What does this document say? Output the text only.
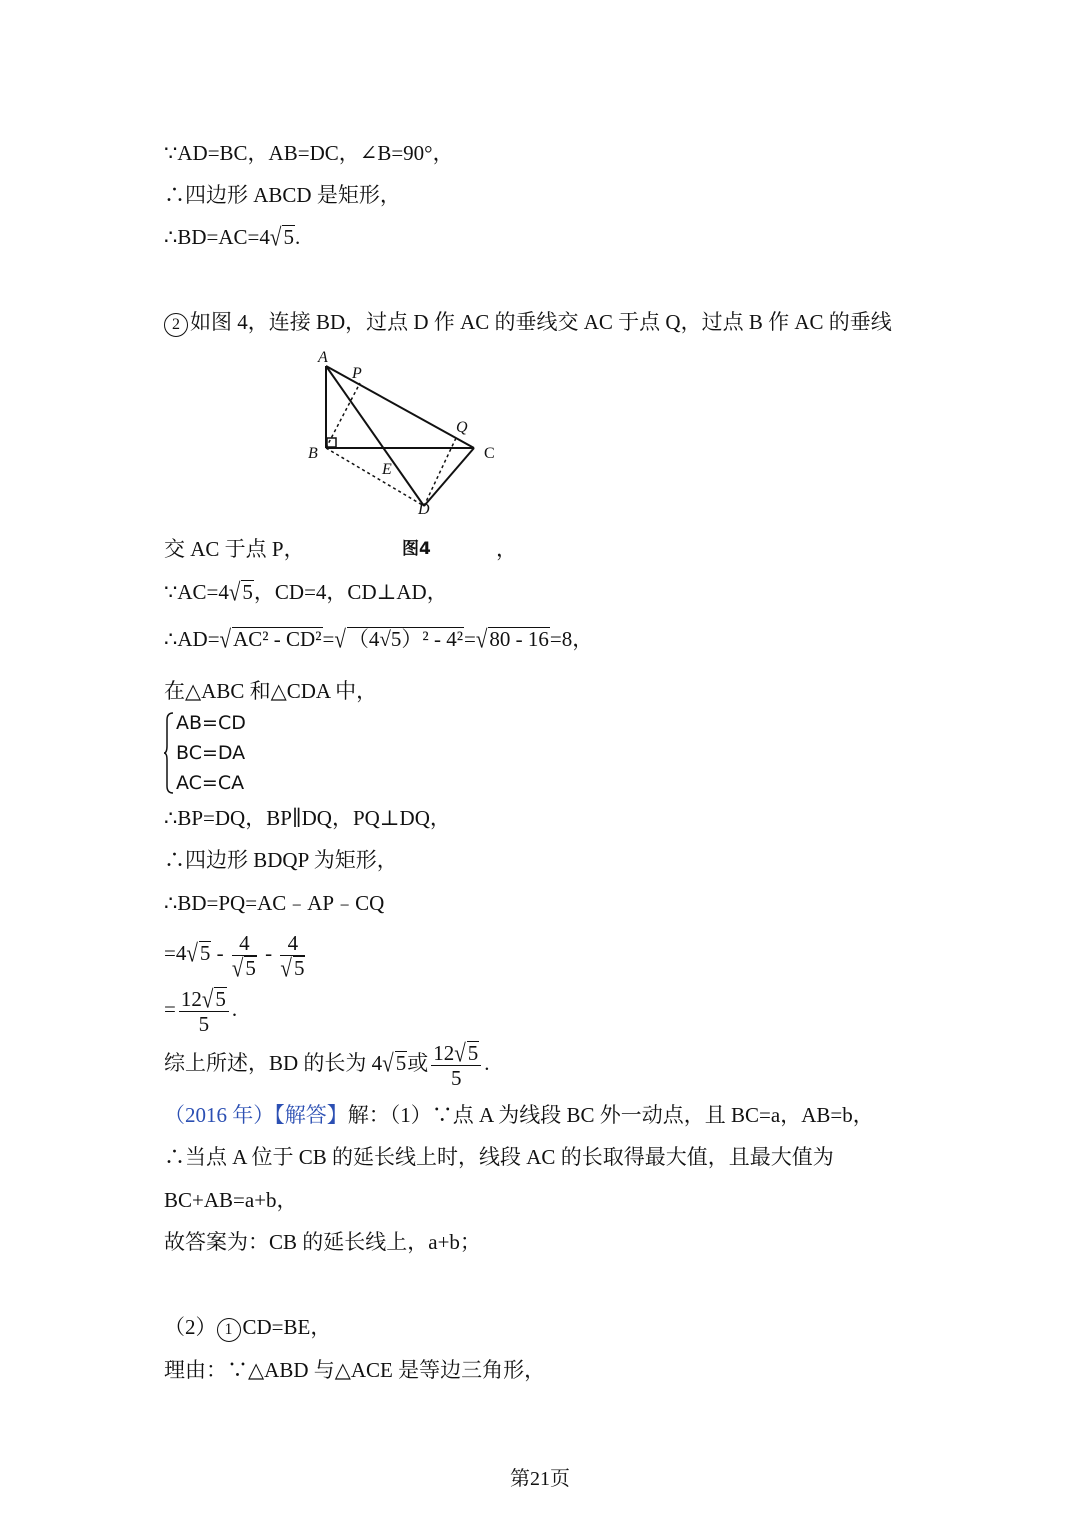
∵AD=BC，AB=DC，∠B=90°，
∴四边形 ABCD 是矩形，
∴BD=AC=4√5.
2 如图 4，连接 BD，过点 D 作 AC 的垂线交 AC 于点 Q，过点 B 作 AC 的垂线
A
P
Q
B	C
E
D
交 AC 于点 P，	图4	，
∵AC=4√5，CD=4，CD⊥AD，
∴AD=√AC² - CD²=√（4√5）² - 4²=√80 - 16=8，
在△ABC 和△CDA 中，
AB=CD
BC=DA
AC=CA
∴BP=DQ，BP∥DQ，PQ⊥DQ，
∴四边形 BDQP 为矩形，
∴BD=PQ=AC﹣AP﹣CQ
$=4√5 - \frac{4}{√5} - \frac{4}{√5}$
= $\frac{12√5}{5}$ .
综上所述，BD 的长为 4√5或 $\frac{12√5}{5}$ .
（2016 年）【解答】解：（1）∵点 A 为线段 BC 外一动点，且 BC=a，AB=b，
∴当点 A 位于 CB 的延长线上时，线段 AC 的长取得最大值，且最大值为
BC+AB=a+b，
故答案为：CB 的延长线上，a+b；
（2） 1 CD=BE，
理由：∵△ABD 与△ACE 是等边三角形，
第21页
